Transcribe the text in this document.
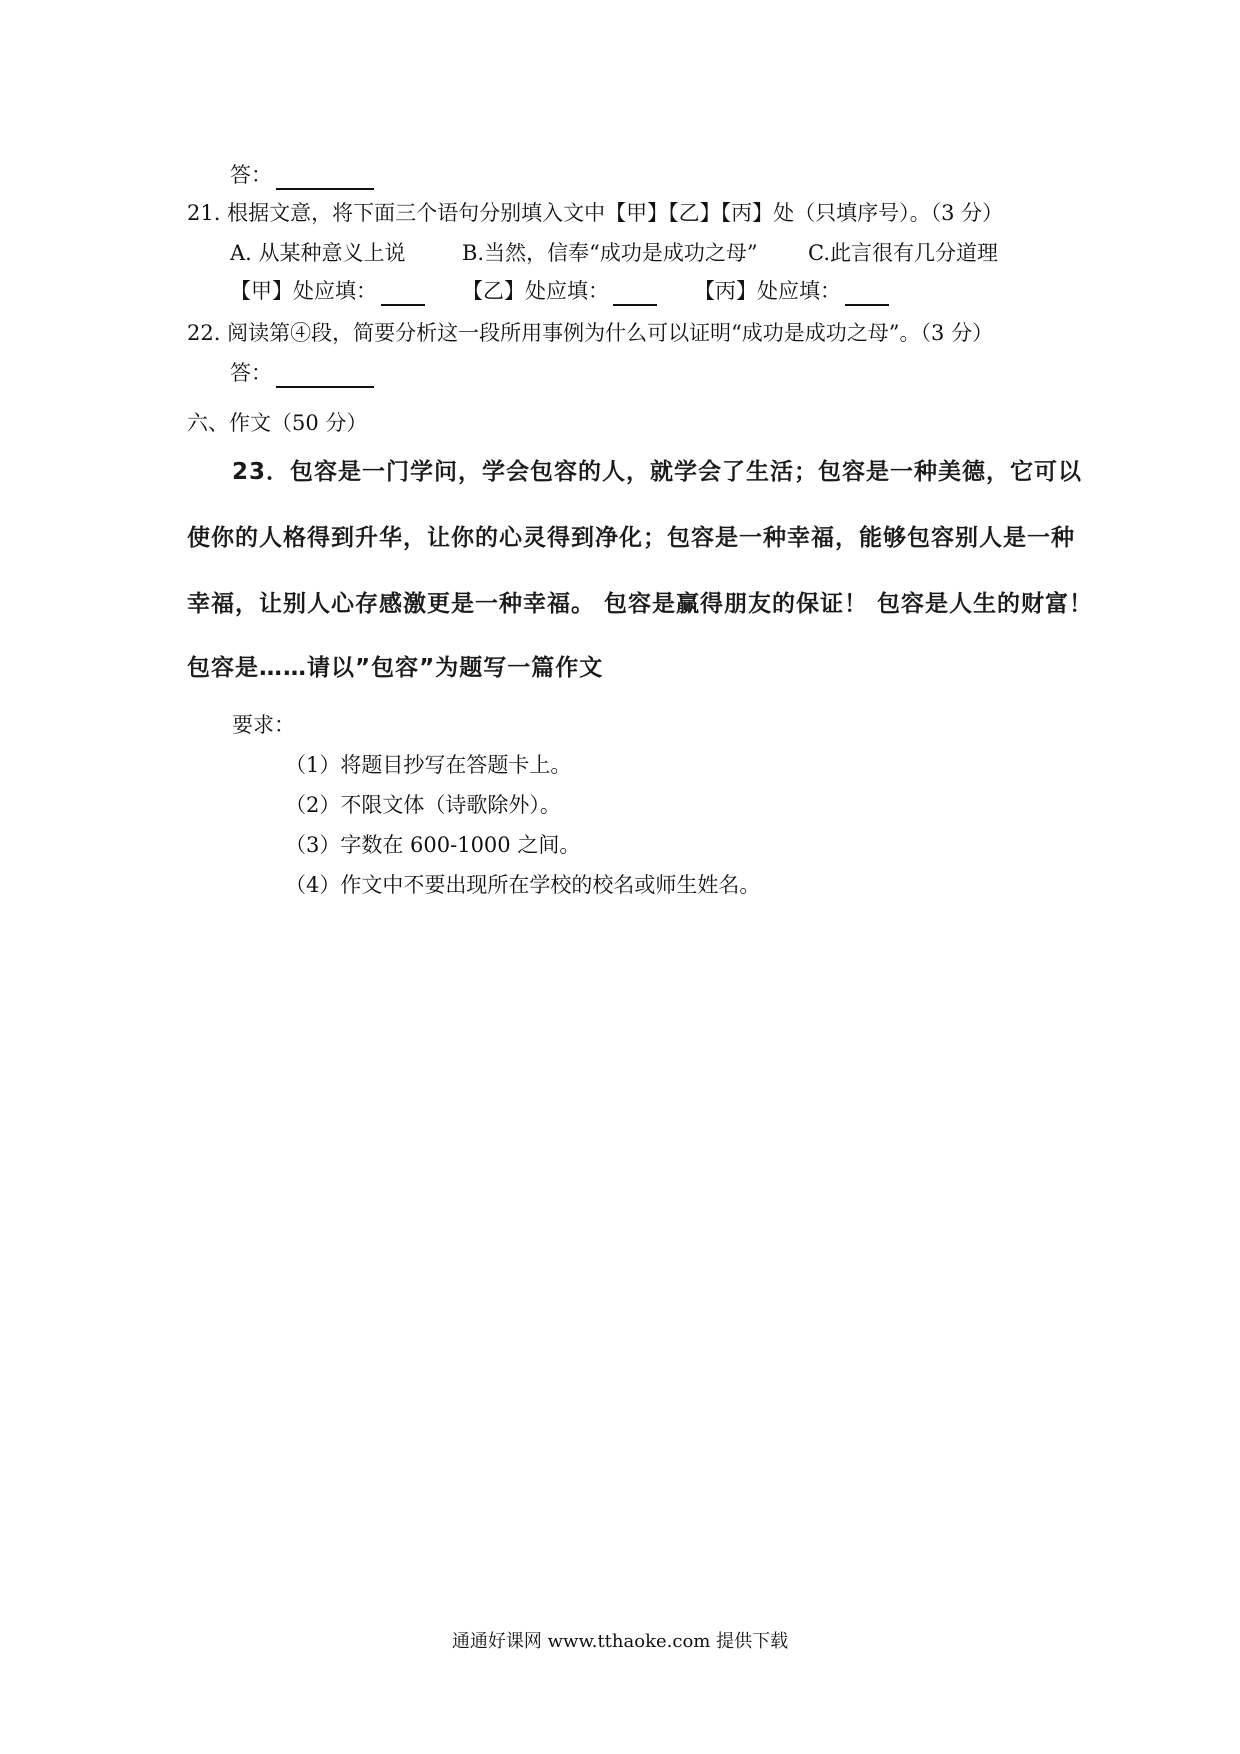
答：
21. 根据文意，将下面三个语句分别填入文中【甲】【乙】【丙】处（只填序号）。（3 分）
A. 从某种意义上说	B.当然，信奉“成功是成功之母” C.此言很有几分道理
【甲】处应填：	【乙】处应填：	【丙】处应填：
22. 阅读第④段，简要分析这一段所用事例为什么可以证明“成功是成功之母”。（3 分）
答：
六、作文（50 分）
23．包容是一门学问，学会包容的人，就学会了生活；包容是一种美德，它可以
使你的人格得到升华，让你的心灵得到净化；包容是一种幸福，能够包容别人是一种
幸福，让别人心存感激更是一种幸福。 包容是赢得朋友的保证！ 包容是人生的财富！
包容是……请以”包容”为题写一篇作文
要求：
（1）将题目抄写在答题卡上。
（2）不限文体（诗歌除外）。
（3）字数在 600-1000 之间。
（4）作文中不要出现所在学校的校名或师生姓名。
通通好课网 www.tthaoke.com 提供下载
